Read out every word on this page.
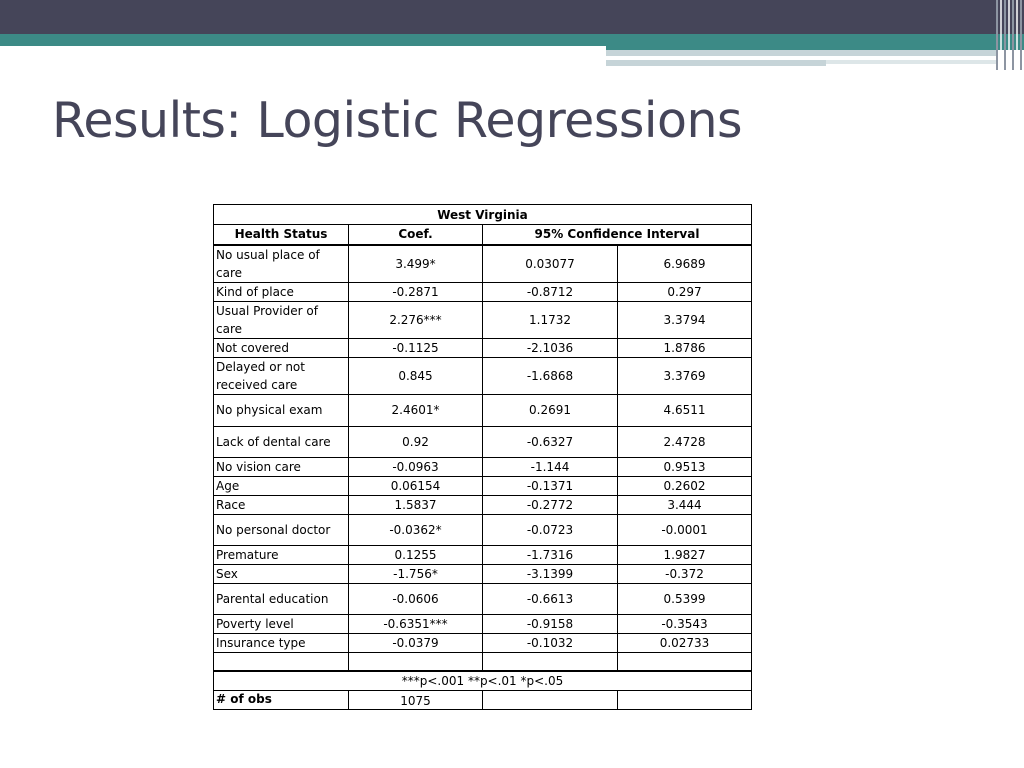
Results: Logistic Regressions
West Virginia			
Health Status	Coef.	95% Confidence Interval	
No usual place of care	3.499*	0.03077	6.9689
Kind of place	-0.2871	-0.8712	0.297
Usual Provider of care	2.276***	1.1732	3.3794
Not covered	-0.1125	-2.1036	1.8786
Delayed or not received care	0.845	-1.6868	3.3769
No physical exam	2.4601*	0.2691	4.6511
Lack of dental care	0.92	-0.6327	2.4728
No vision care	-0.0963	-1.144	0.9513
Age	0.06154	-0.1371	0.2602
Race	1.5837	-0.2772	3.444
No personal doctor	-0.0362*	-0.0723	-0.0001
Premature	0.1255	-1.7316	1.9827
Sex	-1.756*	-3.1399	-0.372
Parental education	-0.0606	-0.6613	0.5399
Poverty level	-0.6351***	-0.9158	-0.3543
Insurance type	-0.0379	-0.1032	0.02733

***p<.001 **p<.01 *p<.05			
# of obs	1075		
